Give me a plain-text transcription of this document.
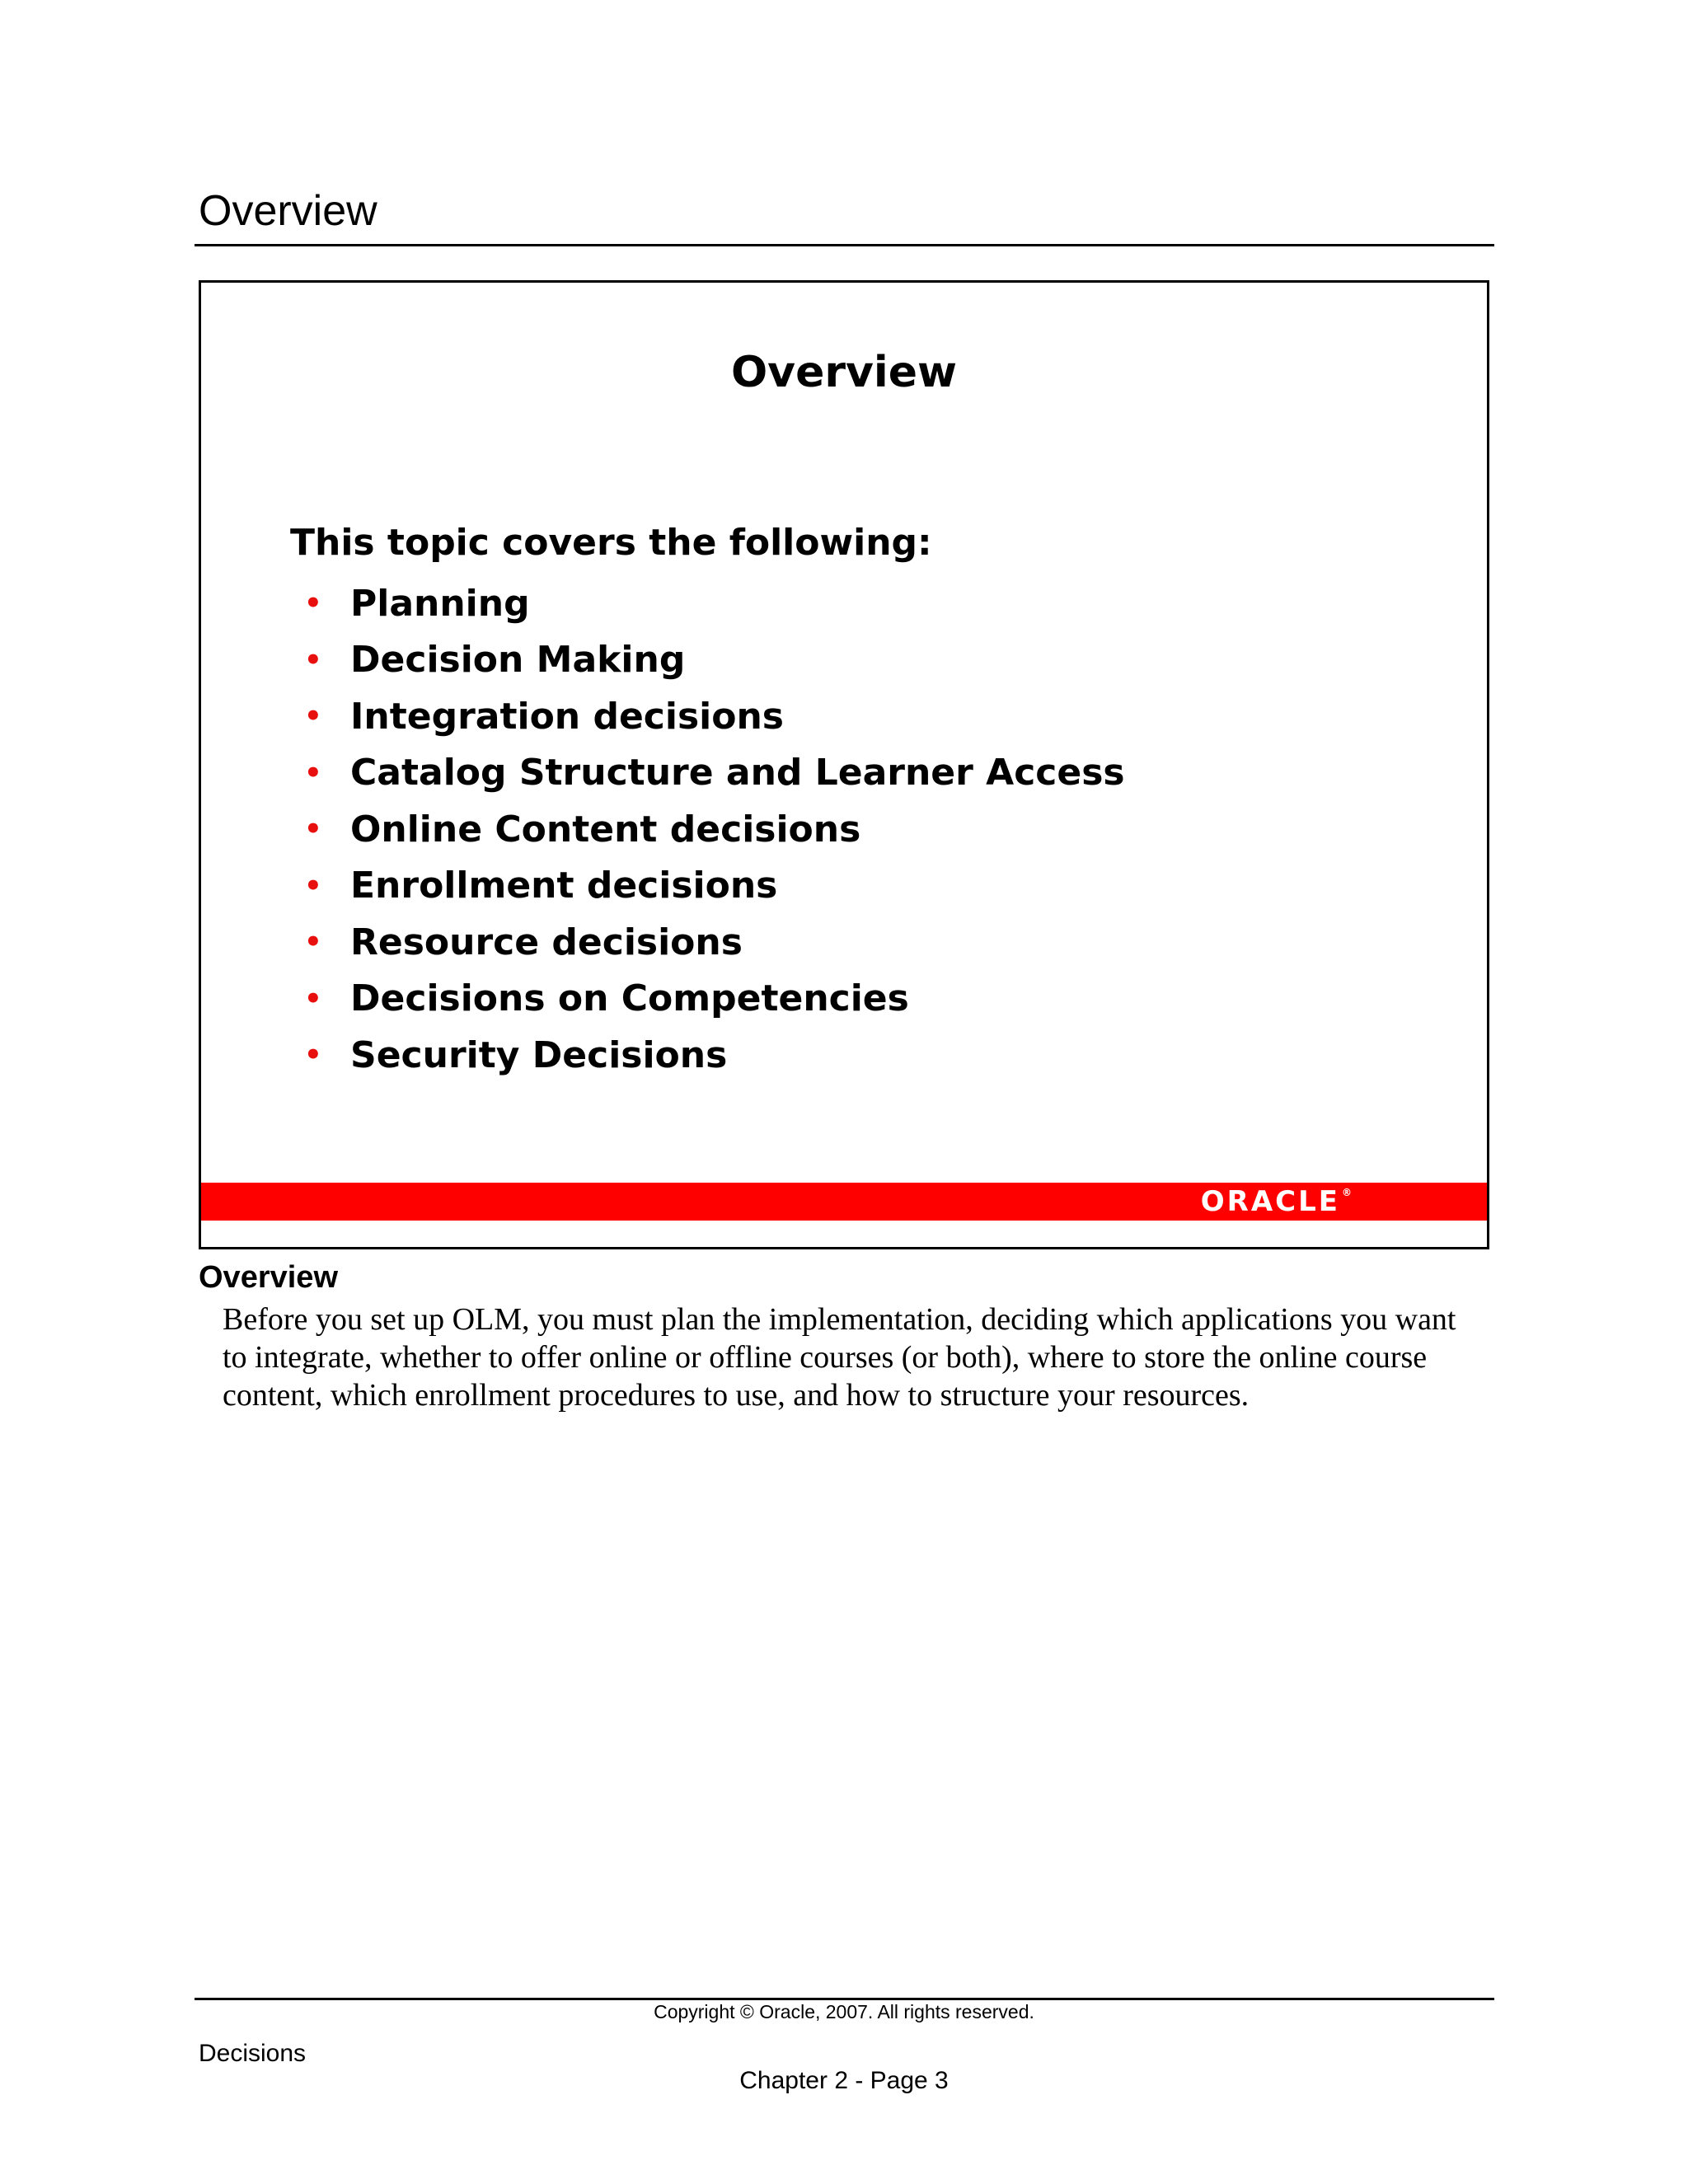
Overview
Overview
This topic covers the following:
• Planning
• Decision Making
• Integration decisions
• Catalog Structure and Learner Access
• Online Content decisions
• Enrollment decisions
• Resource decisions
• Decisions on Competencies
• Security Decisions
ORACLE ®
Overview

Before you set up OLM, you must plan the implementation, deciding which applications you want to integrate, whether to offer online or offline courses (or both), where to store the online course content, which enrollment procedures to use, and how to structure your resources.

Copyright © Oracle, 2007. All rights reserved.
Decisions
Chapter 2 - Page 3
